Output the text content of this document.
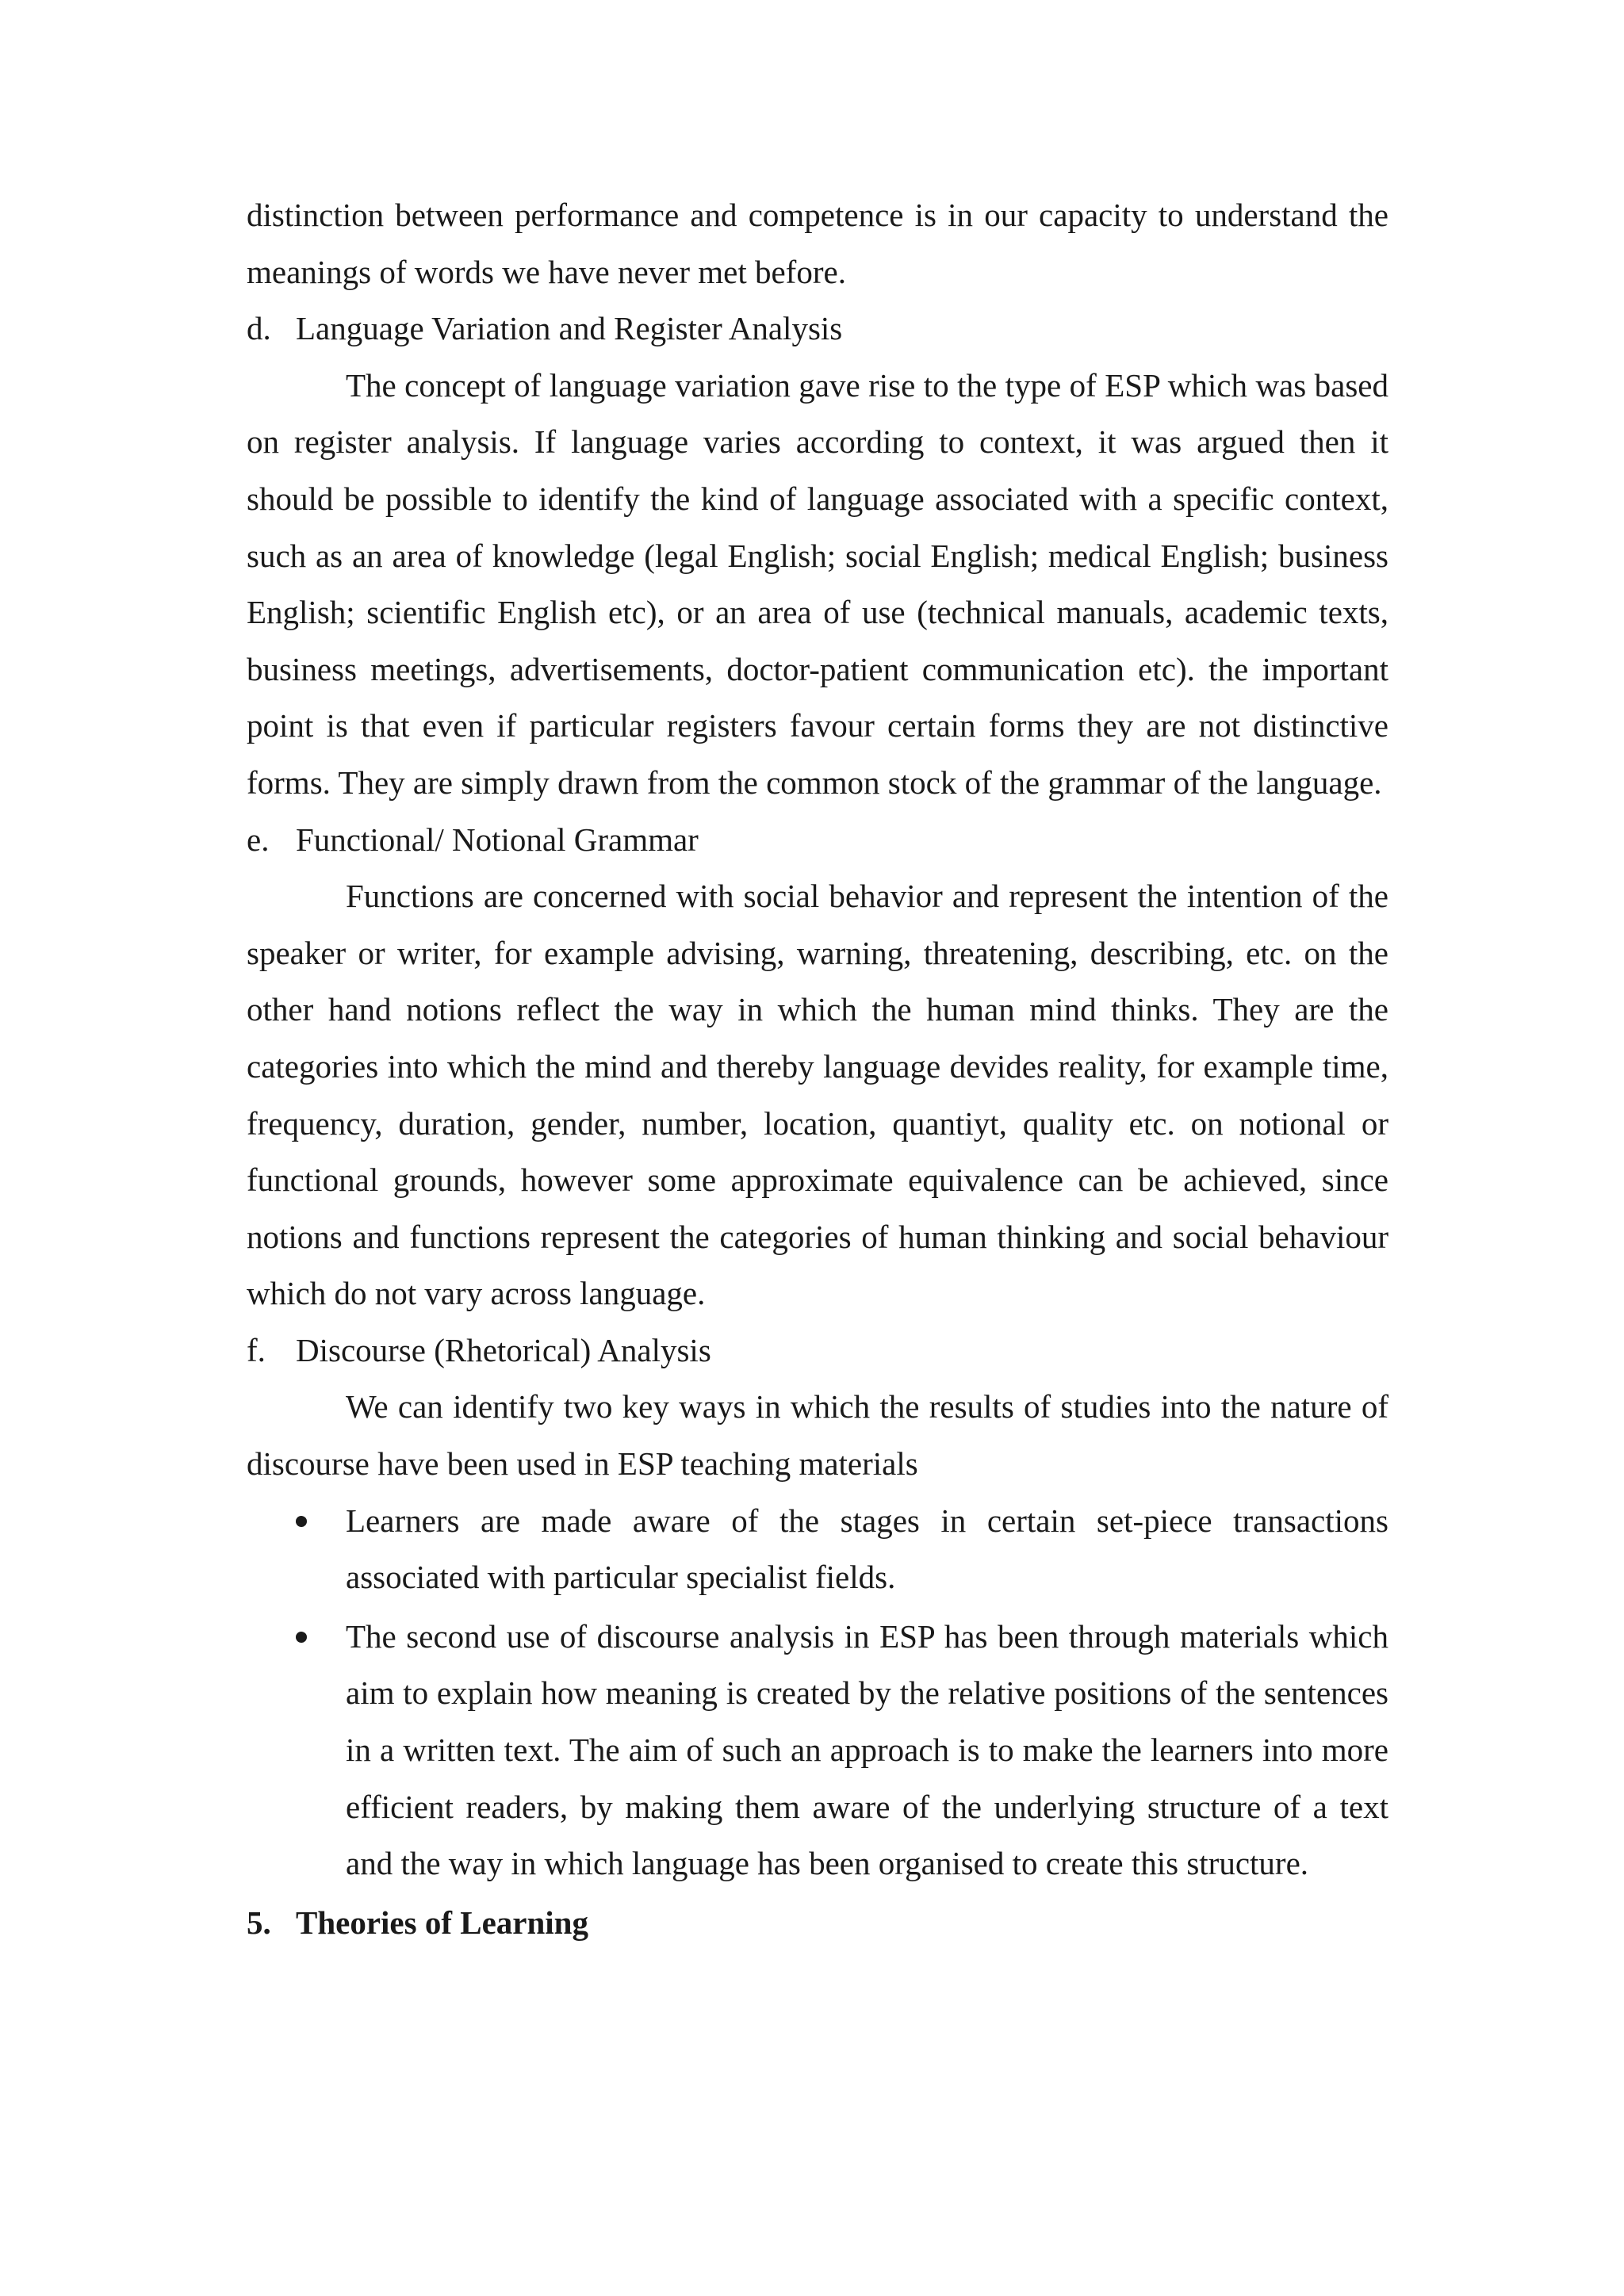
distinction between performance and competence is in our capacity to understand the meanings of words we have never met before.

d. Language Variation and Register Analysis

The concept of language variation gave rise to the type of ESP which was based on register analysis. If language varies according to context, it was argued then it should be possible to identify the kind of language associated with a specific context, such as an area of knowledge (legal English; social English; medical English; business English; scientific English etc), or an area of use (technical manuals, academic texts, business meetings, advertisements, doctor-patient communication etc). the important point is that even if particular registers favour certain forms they are not distinctive forms. They are simply drawn from the common stock of the grammar of the language.

e. Functional/ Notional Grammar

Functions are concerned with social behavior and represent the intention of the speaker or writer, for example advising, warning, threatening, describing, etc. on the other hand notions reflect the way in which the human mind thinks. They are the categories into which the mind and thereby language devides reality, for example time, frequency, duration, gender, number, location, quantiyt, quality etc. on notional or functional grounds, however some approximate equivalence can be achieved, since notions and functions represent the categories of human thinking and social behaviour which do not vary across language.

f. Discourse (Rhetorical) Analysis

We can identify two key ways in which the results of studies into the nature of discourse have been used in ESP teaching materials

Learners are made aware of the stages in certain set-piece transactions associated with particular specialist fields.
The second use of discourse analysis in ESP has been through materials which aim to explain how meaning is created by the relative positions of the sentences in a written text. The aim of such an approach is to make the learners into more efficient readers, by making them aware of the underlying structure of a text and the way in which language has been organised to create this structure.
5. Theories of Learning
